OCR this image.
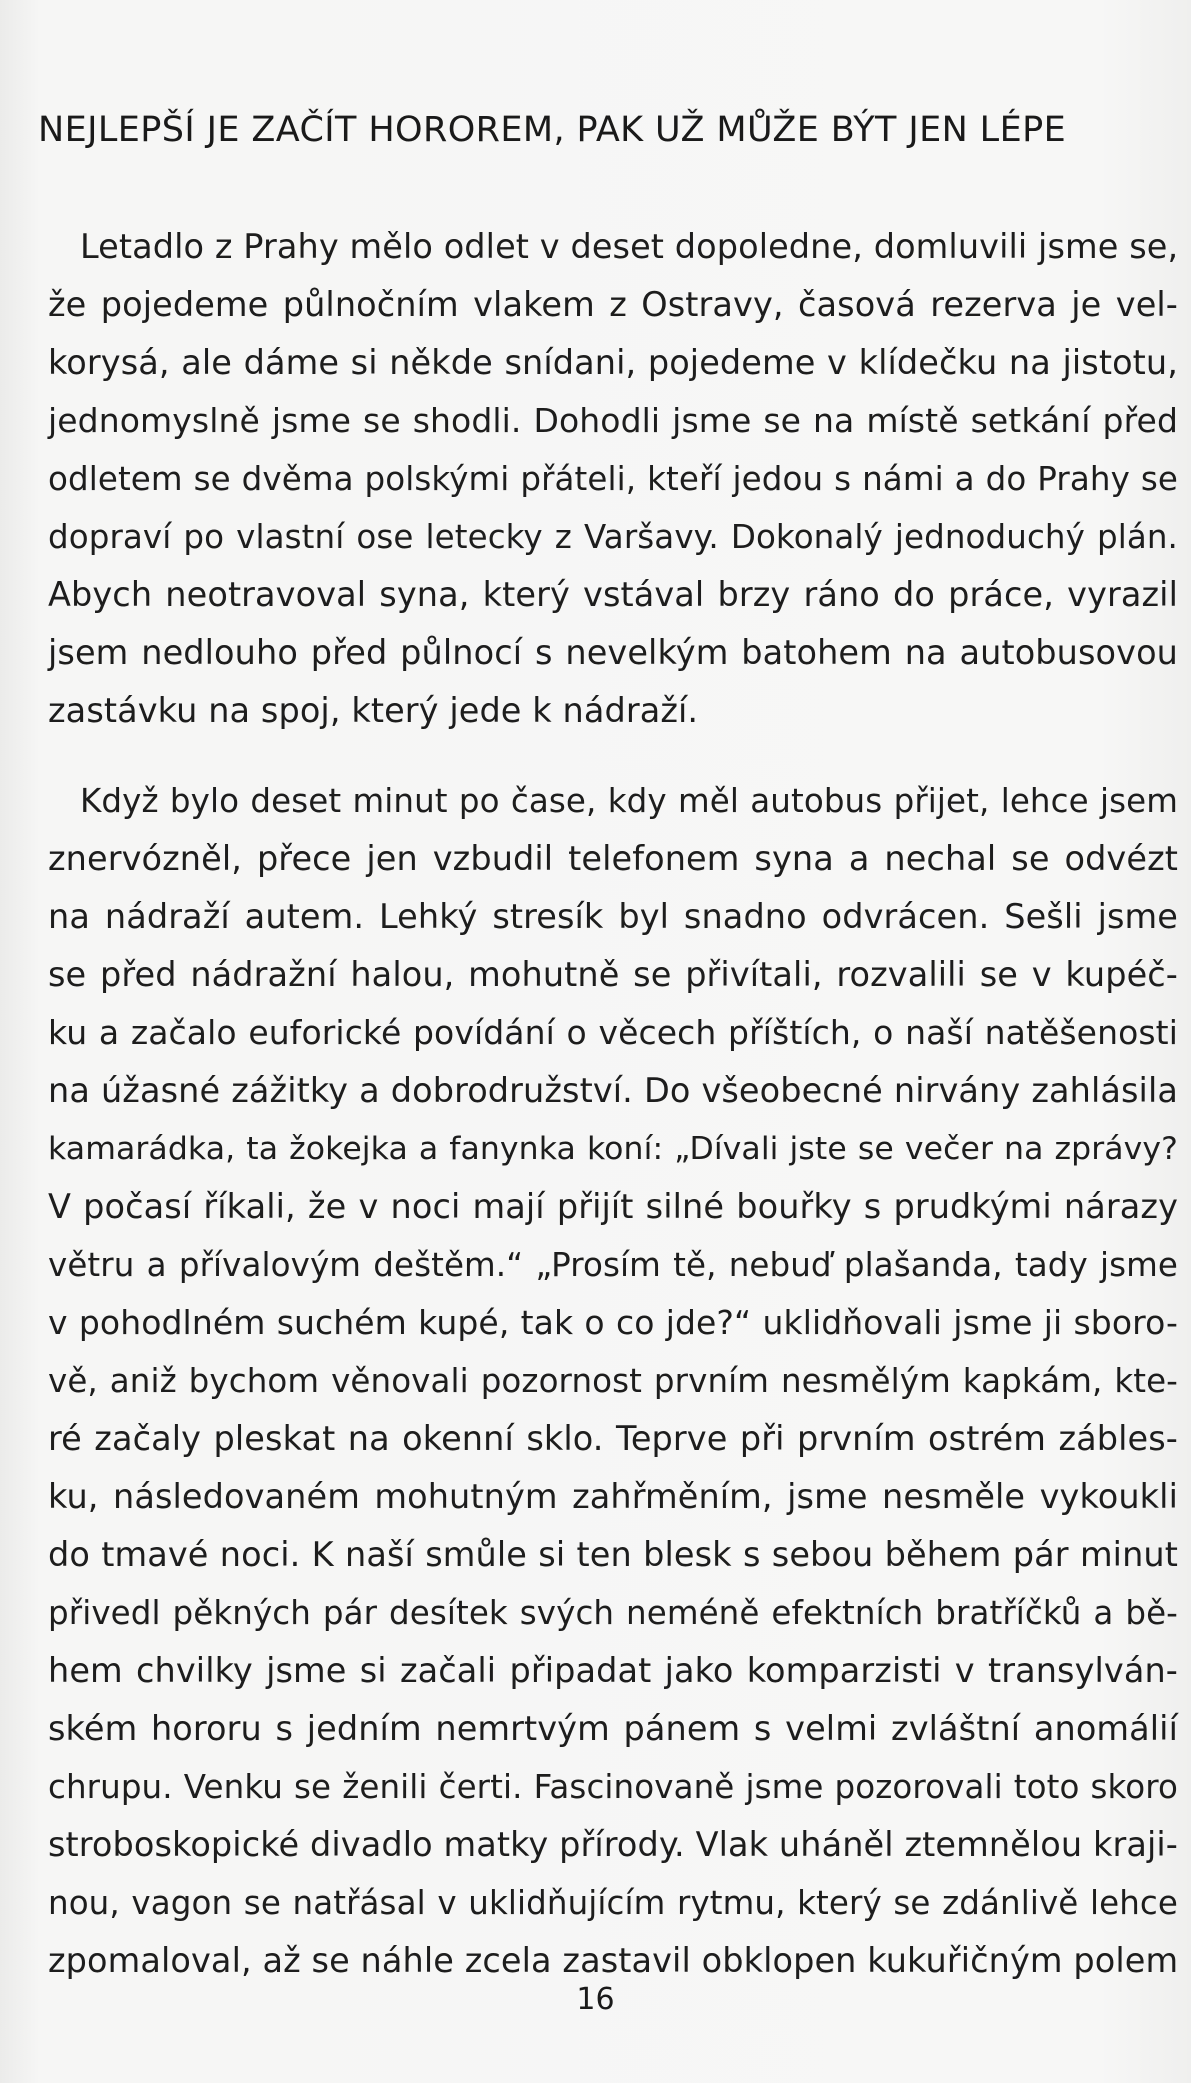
NEJLEPŠÍ JE ZAČÍT HOROREM, PAK UŽ MŮŽE BÝT JEN LÉPE
Letadlo z Prahy mělo odlet v deset dopoledne, domluvili jsme se,
že pojedeme půlnočním vlakem z Ostravy, časová rezerva je vel-
korysá, ale dáme si někde snídani, pojedeme v klídečku na jistotu,
jednomyslně jsme se shodli. Dohodli jsme se na místě setkání před
odletem se dvěma polskými přáteli, kteří jedou s námi a do Prahy se
dopraví po vlastní ose letecky z Varšavy. Dokonalý jednoduchý plán.
Abych neotravoval syna, který vstával brzy ráno do práce, vyrazil
jsem nedlouho před půlnocí s nevelkým batohem na autobusovou
zastávku na spoj, který jede k nádraží.
Když bylo deset minut po čase, kdy měl autobus přijet, lehce jsem
znervózněl, přece jen vzbudil telefonem syna a nechal se odvézt
na nádraží autem. Lehký stresík byl snadno odvrácen. Sešli jsme
se před nádražní halou, mohutně se přivítali, rozvalili se v kupéč-
ku a začalo euforické povídání o věcech příštích, o naší natěšenosti
na úžasné zážitky a dobrodružství. Do všeobecné nirvány zahlásila
kamarádka, ta žokejka a fanynka koní: „Dívali jste se večer na zprávy?
V počasí říkali, že v noci mají přijít silné bouřky s prudkými nárazy
větru a přívalovým deštěm.“ „Prosím tě, nebuď plašanda, tady jsme
v pohodlném suchém kupé, tak o co jde?“ uklidňovali jsme ji sboro-
vě, aniž bychom věnovali pozornost prvním nesmělým kapkám, kte-
ré začaly pleskat na okenní sklo. Teprve při prvním ostrém zábles-
ku, následovaném mohutným zahřměním, jsme nesměle vykoukli
do tmavé noci. K naší smůle si ten blesk s sebou během pár minut
přivedl pěkných pár desítek svých neméně efektních bratříčků a bě-
hem chvilky jsme si začali připadat jako komparzisti v transylván-
ském hororu s jedním nemrtvým pánem s velmi zvláštní anomálií
chrupu. Venku se ženili čerti. Fascinovaně jsme pozorovali toto skoro
stroboskopické divadlo matky přírody. Vlak uháněl ztemnělou kraji-
nou, vagon se natřásal v uklidňujícím rytmu, který se zdánlivě lehce
zpomaloval, až se náhle zcela zastavil obklopen kukuřičným polem
16
